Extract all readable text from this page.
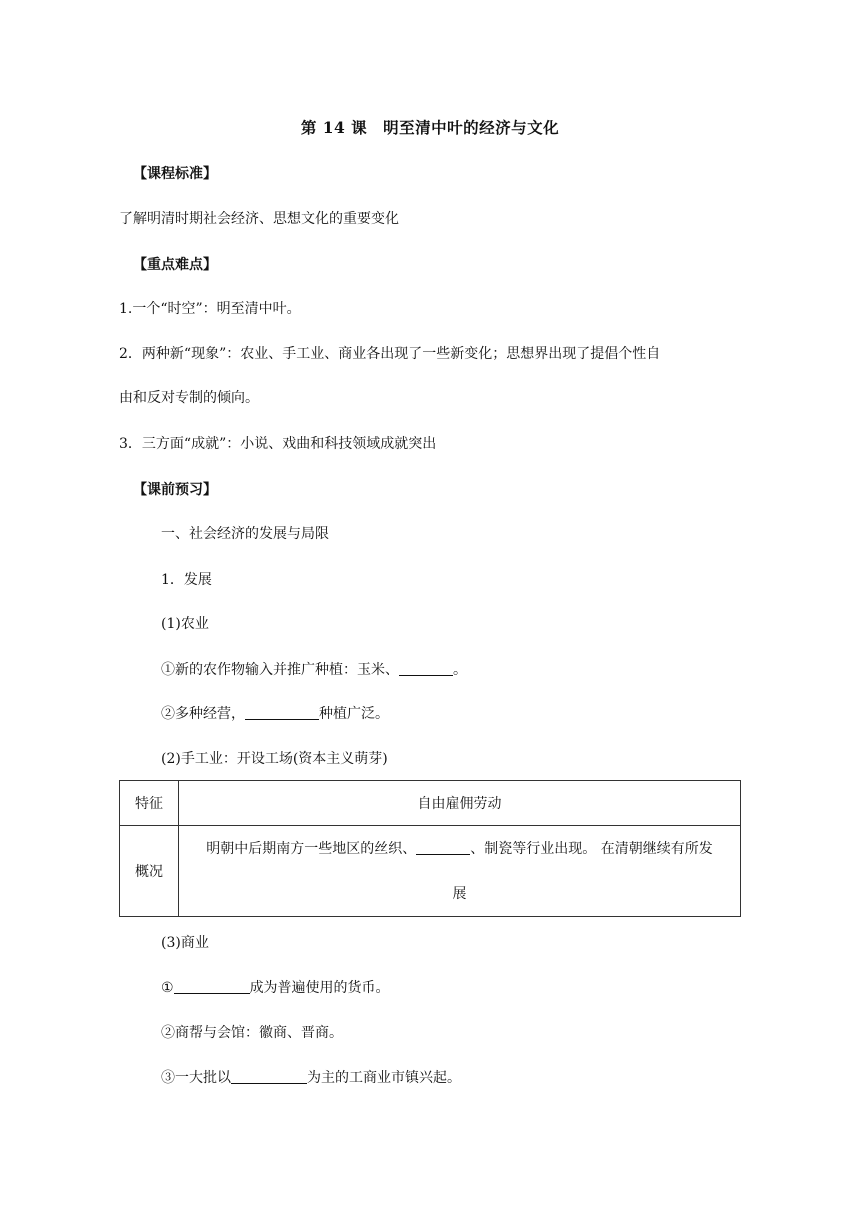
第 14 课　明至清中叶的经济与文化
【课程标准】
了解明清时期社会经济、思想文化的重要变化
【重点难点】
1.一个“时空”：明至清中叶。
2．两种新“现象”：农业、手工业、商业各出现了一些新变化；思想界出现了提倡个性自
由和反对专制的倾向。
3．三方面“成就”：小说、戏曲和科技领域成就突出
【课前预习】
一、社会经济的发展与局限
1．发展
(1)农业
①新的农作物输入并推广种植：玉米、	。
②多种经营，	种植广泛。
(2)手工业：开设工场(资本主义萌芽)
特征	自由雇佣劳动
概况	明朝中后期南方一些地区的丝织、 、制瓷等行业出现。 在清朝继续有所发
展
(3)商业
①	成为普遍使用的货币。
②商帮与会馆：徽商、晋商。
③一大批以	为主的工商业市镇兴起。
